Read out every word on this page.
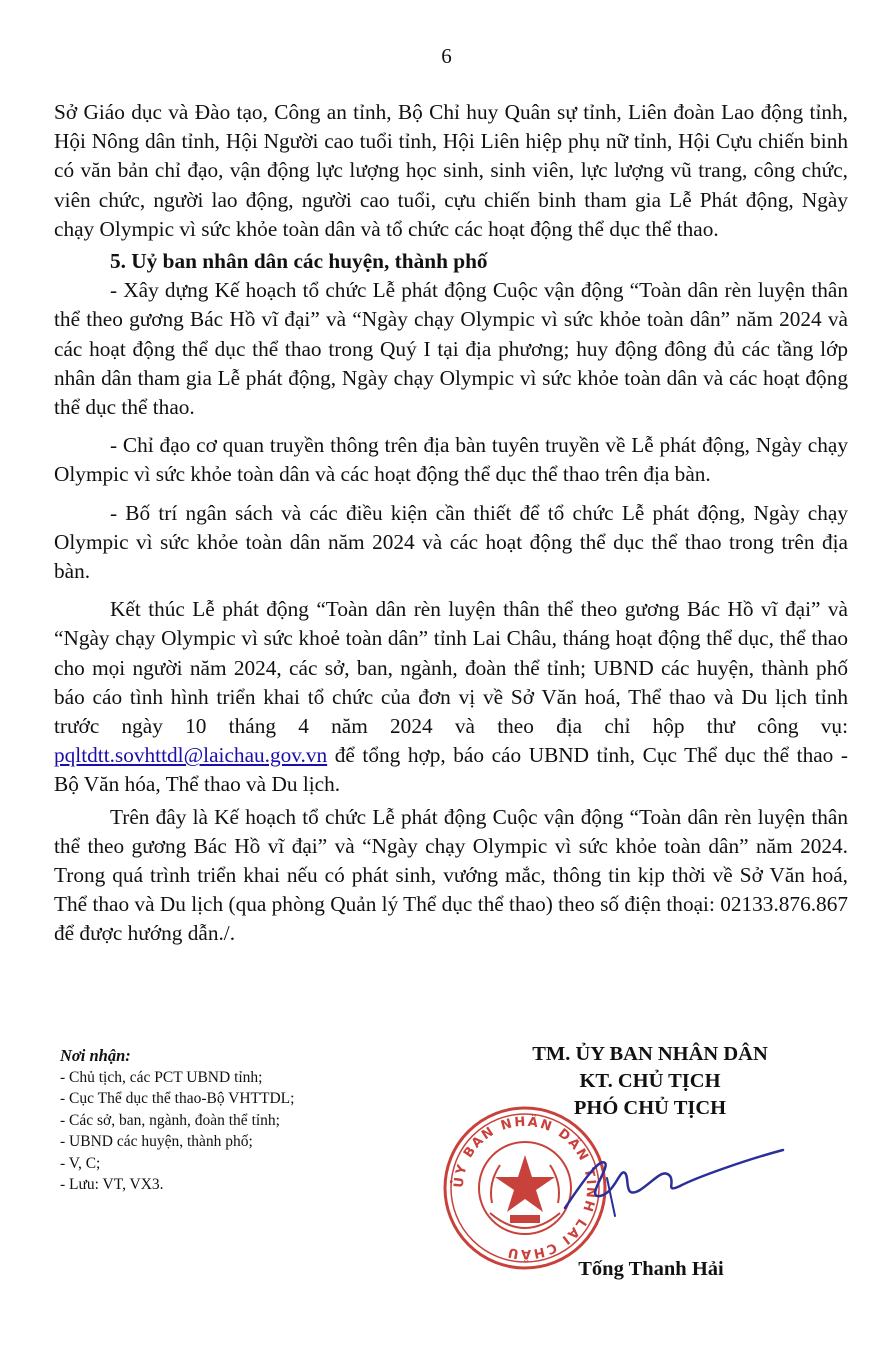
6

Sở Giáo dục và Đào tạo, Công an tỉnh, Bộ Chỉ huy Quân sự tỉnh, Liên đoàn Lao động tỉnh, Hội Nông dân tỉnh, Hội Người cao tuổi tỉnh, Hội Liên hiệp phụ nữ tỉnh, Hội Cựu chiến binh có văn bản chỉ đạo, vận động lực lượng học sinh, sinh viên, lực lượng vũ trang, công chức, viên chức, người lao động, người cao tuổi, cựu chiến binh tham gia Lễ Phát động, Ngày chạy Olympic vì sức khỏe toàn dân và tổ chức các hoạt động thể dục thể thao.

5. Uỷ ban nhân dân các huyện, thành phố

- Xây dựng Kế hoạch tổ chức Lễ phát động Cuộc vận động “Toàn dân rèn luyện thân thể theo gương Bác Hồ vĩ đại” và “Ngày chạy Olympic vì sức khỏe toàn dân” năm 2024 và các hoạt động thể dục thể thao trong Quý I tại địa phương; huy động đông đủ các tầng lớp nhân dân tham gia Lễ phát động, Ngày chạy Olympic vì sức khỏe toàn dân và các hoạt động thể dục thể thao.

- Chỉ đạo cơ quan truyền thông trên địa bàn tuyên truyền về Lễ phát động, Ngày chạy Olympic vì sức khỏe toàn dân và các hoạt động thể dục thể thao trên địa bàn.

- Bố trí ngân sách và các điều kiện cần thiết để tổ chức Lễ phát động, Ngày chạy Olympic vì sức khỏe toàn dân năm 2024 và các hoạt động thể dục thể thao trong trên địa bàn.

Kết thúc Lễ phát động “Toàn dân rèn luyện thân thể theo gương Bác Hồ vĩ đại” và “Ngày chạy Olympic vì sức khoẻ toàn dân” tỉnh Lai Châu, tháng hoạt động thể dục, thể thao cho mọi người năm 2024, các sở, ban, ngành, đoàn thể tỉnh; UBND các huyện, thành phố báo cáo tình hình triển khai tổ chức của đơn vị về Sở Văn hoá, Thể thao và Du lịch tỉnh trước ngày 10 tháng 4 năm 2024 và theo địa chỉ hộp thư công vụ: pqltdtt.sovhttdl@laichau.gov.vn để tổng hợp, báo cáo UBND tỉnh, Cục Thể dục thể thao - Bộ Văn hóa, Thể thao và Du lịch.

Trên đây là Kế hoạch tổ chức Lễ phát động Cuộc vận động “Toàn dân rèn luyện thân thể theo gương Bác Hồ vĩ đại” và “Ngày chạy Olympic vì sức khỏe toàn dân” năm 2024. Trong quá trình triển khai nếu có phát sinh, vướng mắc, thông tin kịp thời về Sở Văn hoá, Thể thao và Du lịch (qua phòng Quản lý Thể dục thể thao) theo số điện thoại: 02133.876.867 để được hướng dẫn./.

Nơi nhận:
- Chủ tịch, các PCT UBND tỉnh;
- Cục Thể dục thể thao-Bộ VHTTDL;
- Các sở, ban, ngành, đoàn thể tỉnh;
- UBND các huyện, thành phố;
- V, C;
- Lưu: VT, VX3.
TM. ỦY BAN NHÂN DÂN
KT. CHỦ TỊCH
PHÓ CHỦ TỊCH
ỦY BAN NHÂN DÂN TỈNH LAI CHÂU
Tống Thanh Hải
